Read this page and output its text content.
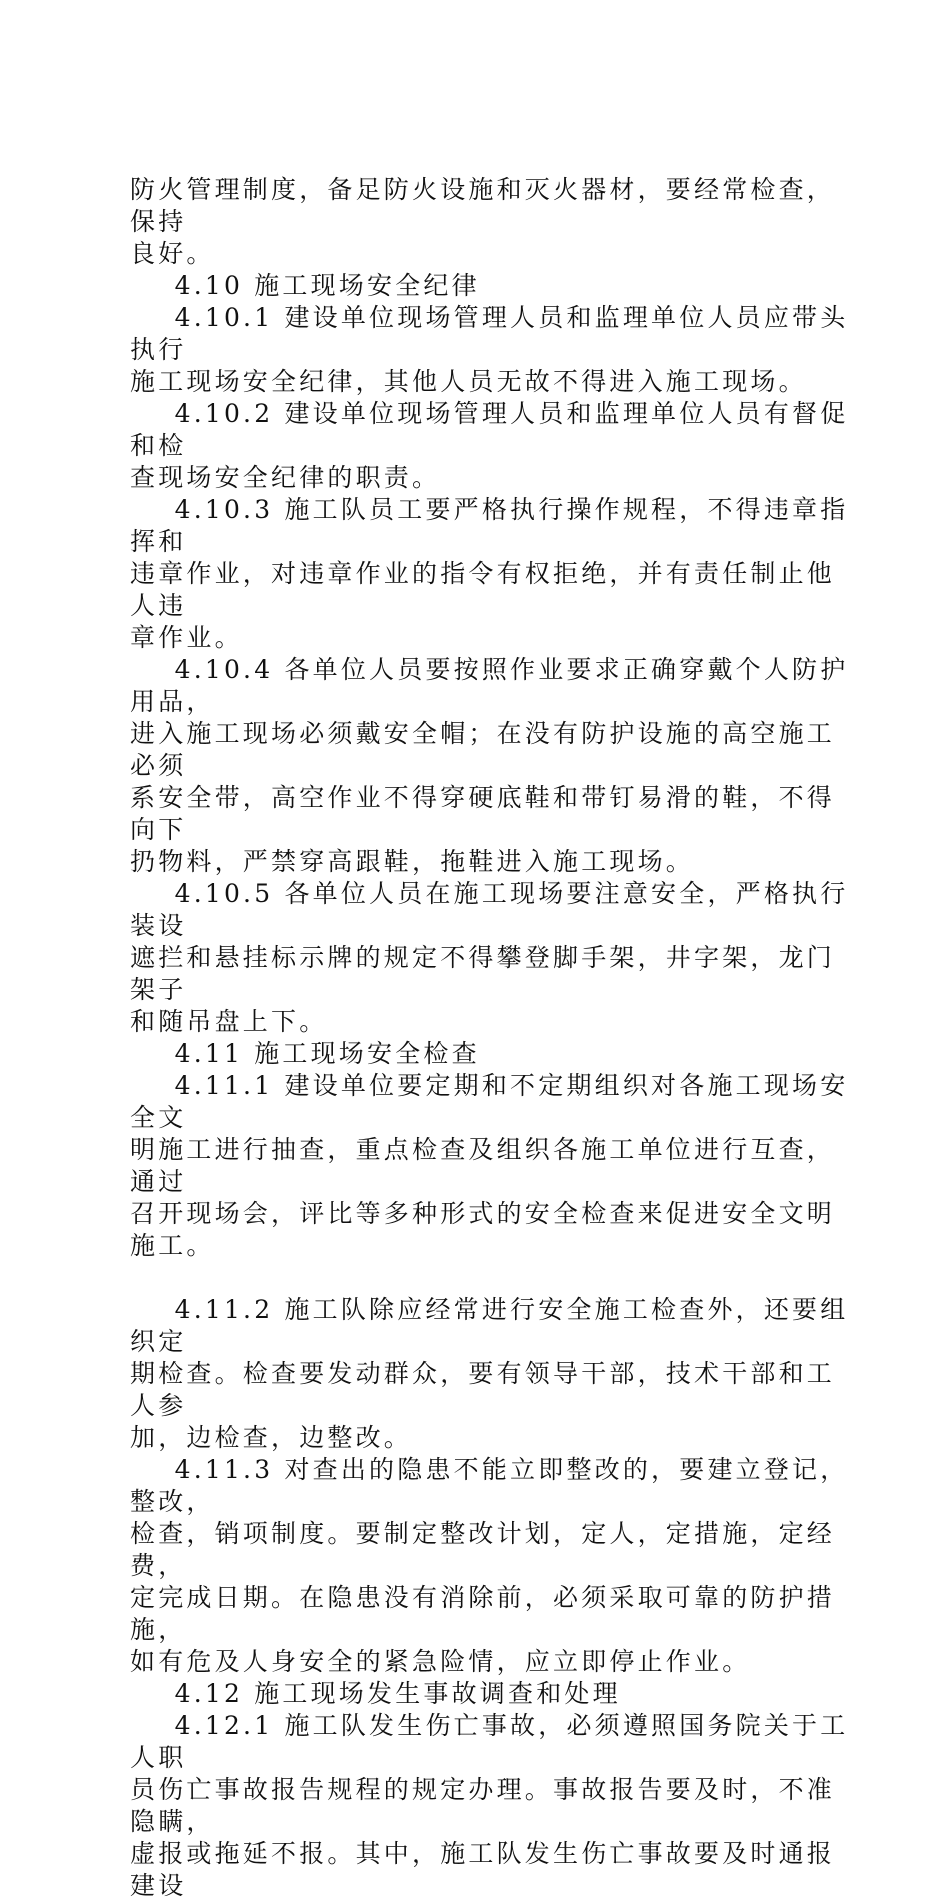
防火管理制度，备足防火设施和灭火器材，要经常检查，保持
良好。

4.10 施工现场安全纪律

4.10.1 建设单位现场管理人员和监理单位人员应带头执行
施工现场安全纪律，其他人员无故不得进入施工现场。

4.10.2 建设单位现场管理人员和监理单位人员有督促和检
查现场安全纪律的职责。

4.10.3 施工队员工要严格执行操作规程，不得违章指挥和
违章作业，对违章作业的指令有权拒绝，并有责任制止他人违
章作业。

4.10.4 各单位人员要按照作业要求正确穿戴个人防护用品，
进入施工现场必须戴安全帽；在没有防护设施的高空施工必须
系安全带，高空作业不得穿硬底鞋和带钉易滑的鞋，不得向下
扔物料，严禁穿高跟鞋，拖鞋进入施工现场。

4.10.5 各单位人员在施工现场要注意安全，严格执行装设
遮拦和悬挂标示牌的规定不得攀登脚手架，井字架，龙门架子
和随吊盘上下。

4.11 施工现场安全检查

4.11.1 建设单位要定期和不定期组织对各施工现场安全文
明施工进行抽查，重点检查及组织各施工单位进行互查，通过
召开现场会，评比等多种形式的安全检查来促进安全文明施工。

4.11.2 施工队除应经常进行安全施工检查外，还要组织定
期检查。检查要发动群众，要有领导干部，技术干部和工人参
加，边检查，边整改。

4.11.3 对查出的隐患不能立即整改的，要建立登记，整改，
检查，销项制度。要制定整改计划，定人，定措施，定经费，
定完成日期。在隐患没有消除前，必须采取可靠的防护措施，
如有危及人身安全的紧急险情，应立即停止作业。

4.12 施工现场发生事故调查和处理

4.12.1 施工队发生伤亡事故，必须遵照国务院关于工人职
员伤亡事故报告规程的规定办理。事故报告要及时，不准隐瞒，
虚报或拖延不报。其中，施工队发生伤亡事故要及时通报建设
